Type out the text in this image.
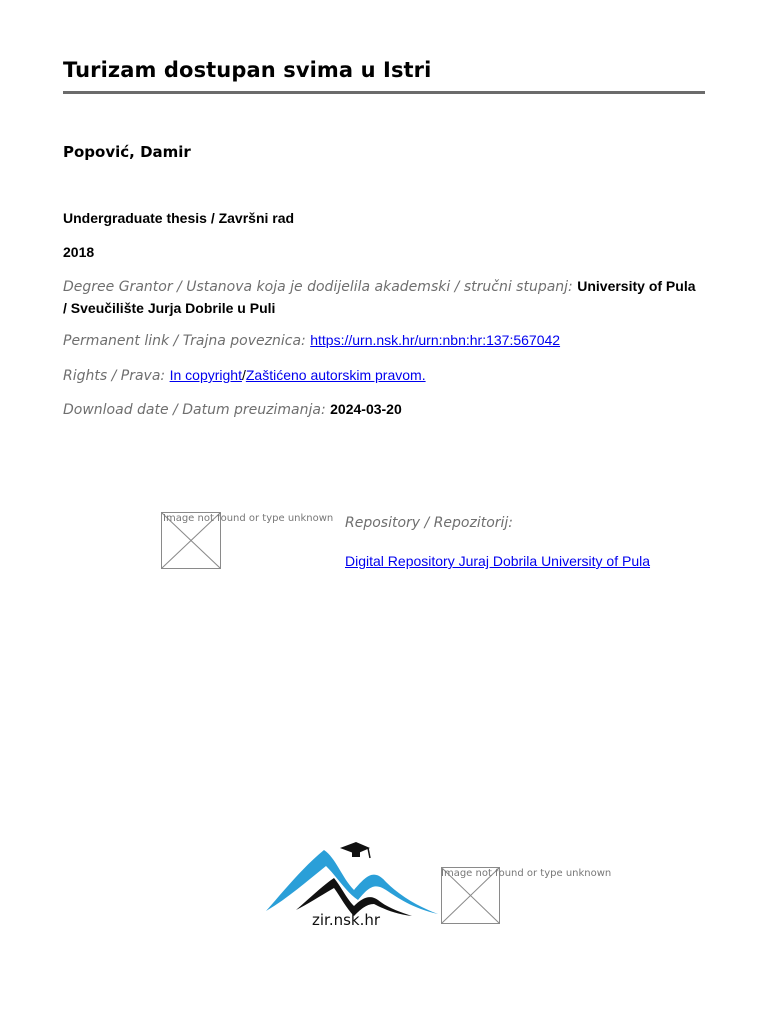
Turizam dostupan svima u Istri
Popović, Damir
Undergraduate thesis / Završni rad
2018
Degree Grantor / Ustanova koja je dodijelila akademski / stručni stupanj: University of Pula / Sveučilište Jurja Dobrile u Puli
Permanent link / Trajna poveznica: https://urn.nsk.hr/urn:nbn:hr:137:567042
Rights / Prava: In copyright/Zaštićeno autorskim pravom.
Download date / Datum preuzimanja: 2024-03-20
Image not found or type unknown Repository / Repozitorij:
Digital Repository Juraj Dobrila University of Pula
zir.nsk.hr
Image not found or type unknown
